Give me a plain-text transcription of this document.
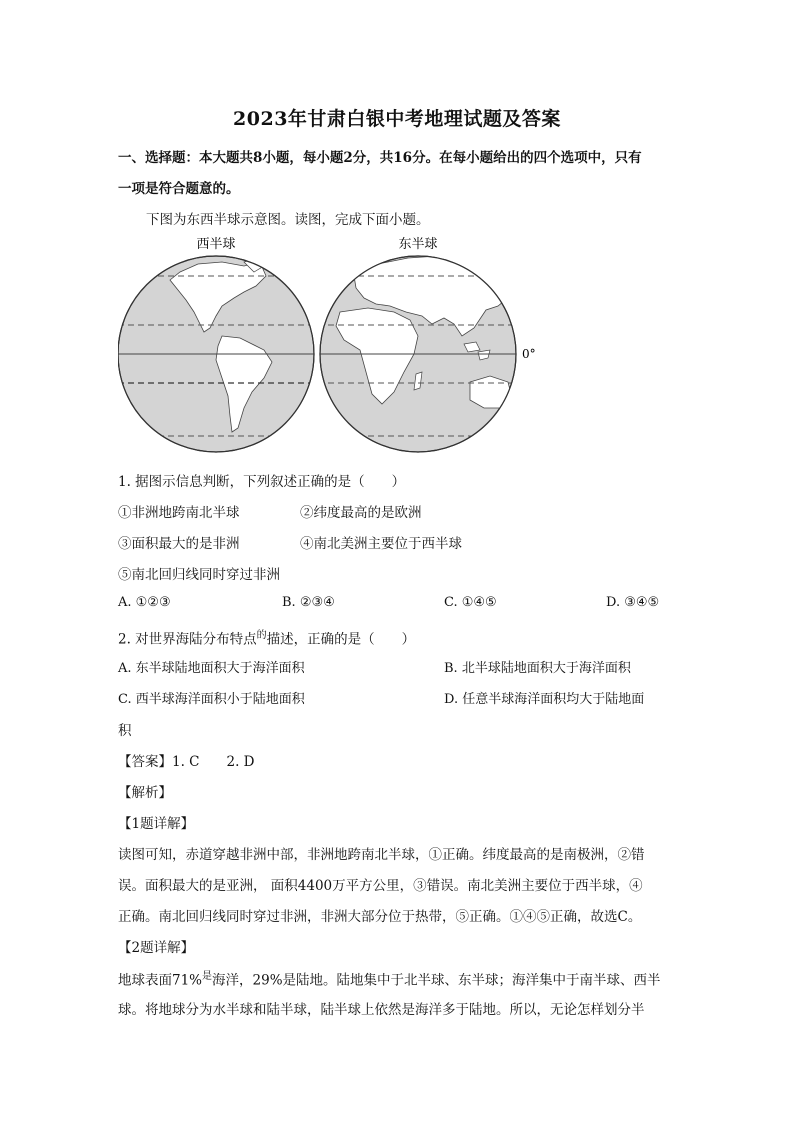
2023年甘肃白银中考地理试题及答案
一、选择题：本大题共8小题，每小题2分，共16分。在每小题给出的四个选项中，只有
一项是符合题意的。
下图为东西半球示意图。读图，完成下面小题。
西半球	东半球
0°
1. 据图示信息判断，下列叙述正确的是（　　）
①非洲地跨南北半球	②纬度最高的是欧洲
③面积最大的是非洲	④南北美洲主要位于西半球
⑤南北回归线同时穿过非洲
A. ①②③	B. ②③④	C. ①④⑤	D. ③④⑤
2. 对世界海陆分布特点$^的$描述，正确的是（　　）
A. 东半球陆地面积大于海洋面积	B. 北半球陆地面积大于海洋面积
C. 西半球海洋面积小于陆地面积	D. 任意半球海洋面积均大于陆地面
积
【答案】1. C　　2. D
【解析】
【1题详解】
读图可知，赤道穿越非洲中部，非洲地跨南北半球，①正确。纬度最高的是南极洲，②错
误。面积最大的是亚洲， 面积4400万平方公里，③错误。南北美洲主要位于西半球，④
正确。南北回归线同时穿过非洲，非洲大部分位于热带，⑤正确。①④⑤正确，故选C。
【2题详解】
地球表面71%$^是$海洋，29%是陆地。陆地集中于北半球、东半球；海洋集中于南半球、西半
球。将地球分为水半球和陆半球，陆半球上依然是海洋多于陆地。所以，无论怎样划分半
